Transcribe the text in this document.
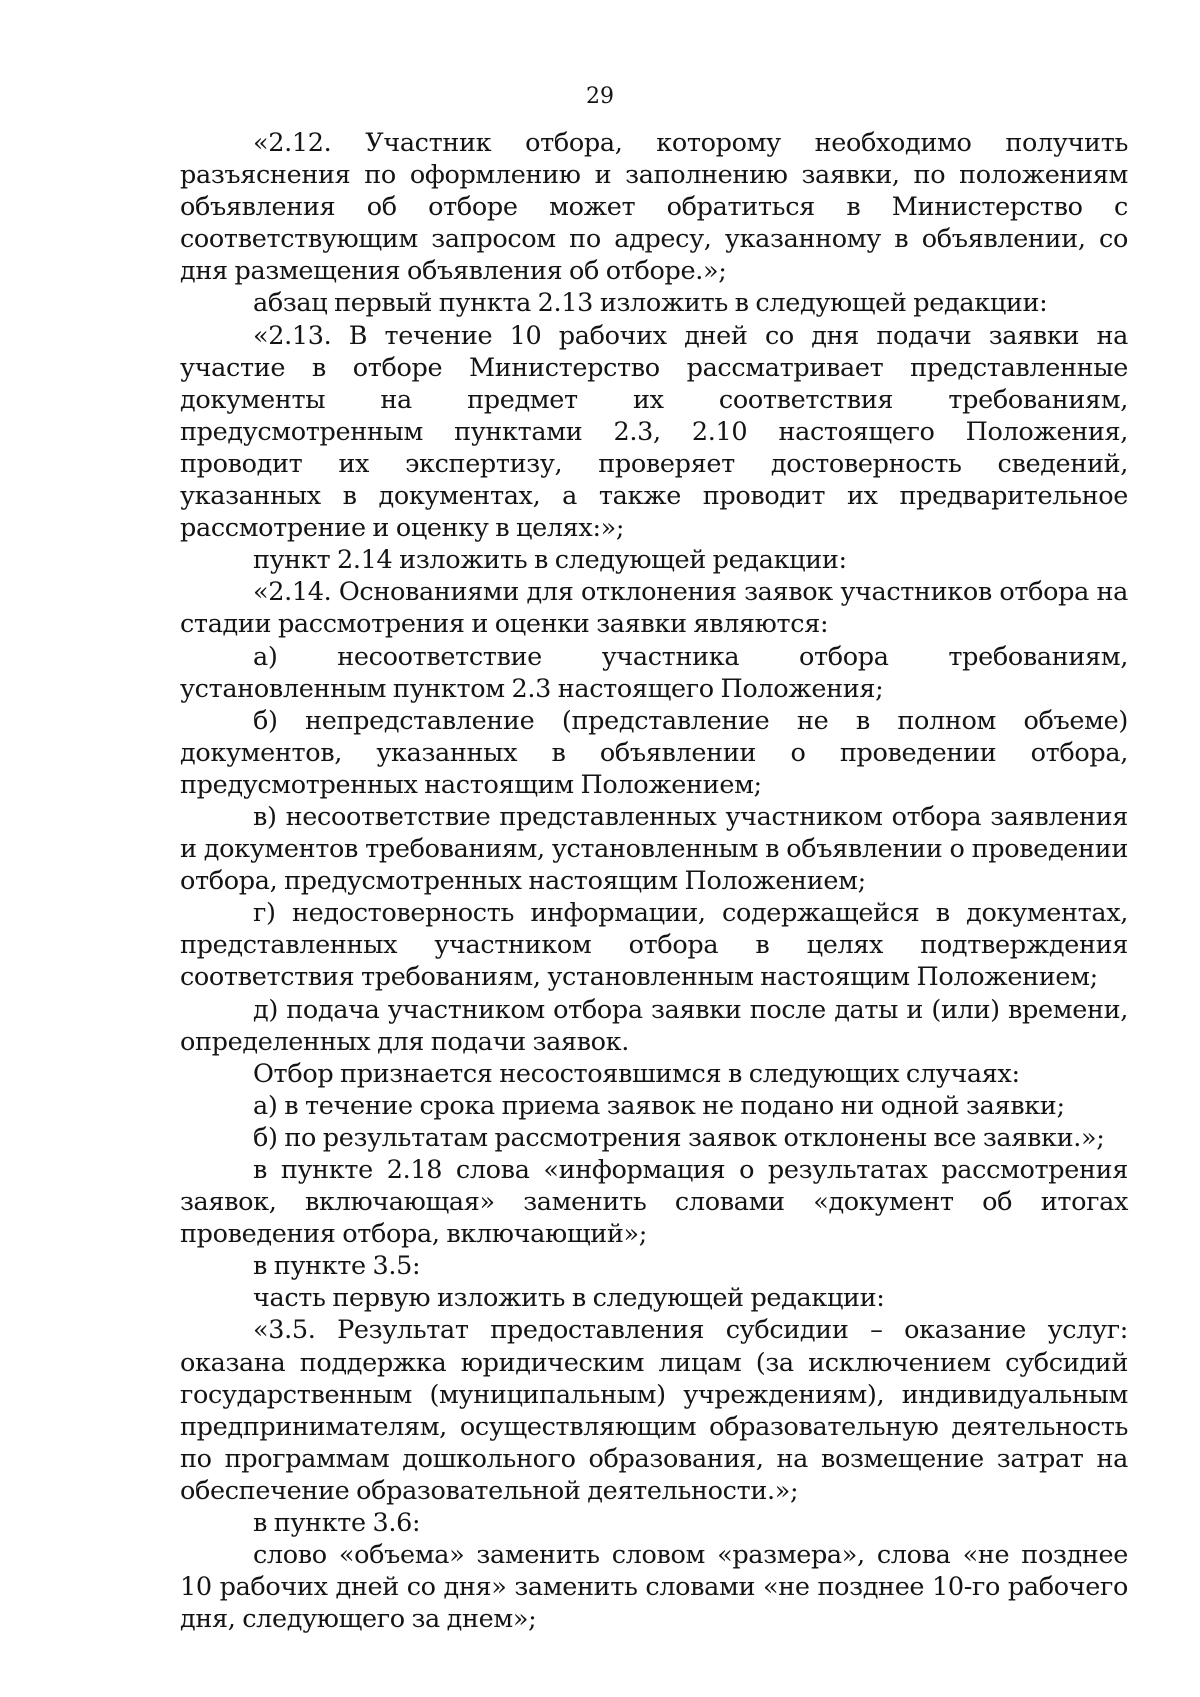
29

«2.12. Участник отбора, которому необходимо получить разъяснения по оформлению и заполнению заявки, по положениям объявления об отборе может обратиться в Министерство с соответствующим запросом по адресу, указанному в объявлении, со дня размещения объявления об отборе.»;

абзац первый пункта 2.13 изложить в следующей редакции:

«2.13. В течение 10 рабочих дней со дня подачи заявки на участие в отборе Министерство рассматривает представленные документы на предмет их соответствия требованиям, предусмотренным пунктами 2.3, 2.10 настоящего Положения, проводит их экспертизу, проверяет достоверность сведений, указанных в документах, а также проводит их предварительное рассмотрение и оценку в целях:»;

пункт 2.14 изложить в следующей редакции:

«2.14. Основаниями для отклонения заявок участников отбора на стадии рассмотрения и оценки заявки являются:

а) несоответствие участника отбора требованиям, установленным пунктом 2.3 настоящего Положения;

б) непредставление (представление не в полном объеме) документов, указанных в объявлении о проведении отбора, предусмотренных настоящим Положением;

в) несоответствие представленных участником отбора заявления и документов требованиям, установленным в объявлении о проведении отбора, предусмотренных настоящим Положением;

г) недостоверность информации, содержащейся в документах, представленных участником отбора в целях подтверждения соответствия требованиям, установленным настоящим Положением;

д) подача участником отбора заявки после даты и (или) времени, определенных для подачи заявок.

Отбор признается несостоявшимся в следующих случаях:

а) в течение срока приема заявок не подано ни одной заявки;

б) по результатам рассмотрения заявок отклонены все заявки.»;

в пункте 2.18 слова «информация о результатах рассмотрения заявок, включающая» заменить словами «документ об итогах проведения отбора, включающий»;

в пункте 3.5:

часть первую изложить в следующей редакции:

«3.5. Результат предоставления субсидии – оказание услуг: оказана поддержка юридическим лицам (за исключением субсидий государственным (муниципальным) учреждениям), индивидуальным предпринимателям, осуществляющим образовательную деятельность по программам дошкольного образования, на возмещение затрат на обеспечение образовательной деятельности.»;

в пункте 3.6:

слово «объема» заменить словом «размера», слова «не позднее 10 рабочих дней со дня» заменить словами «не позднее 10-го рабочего дня, следующего за днем»;
